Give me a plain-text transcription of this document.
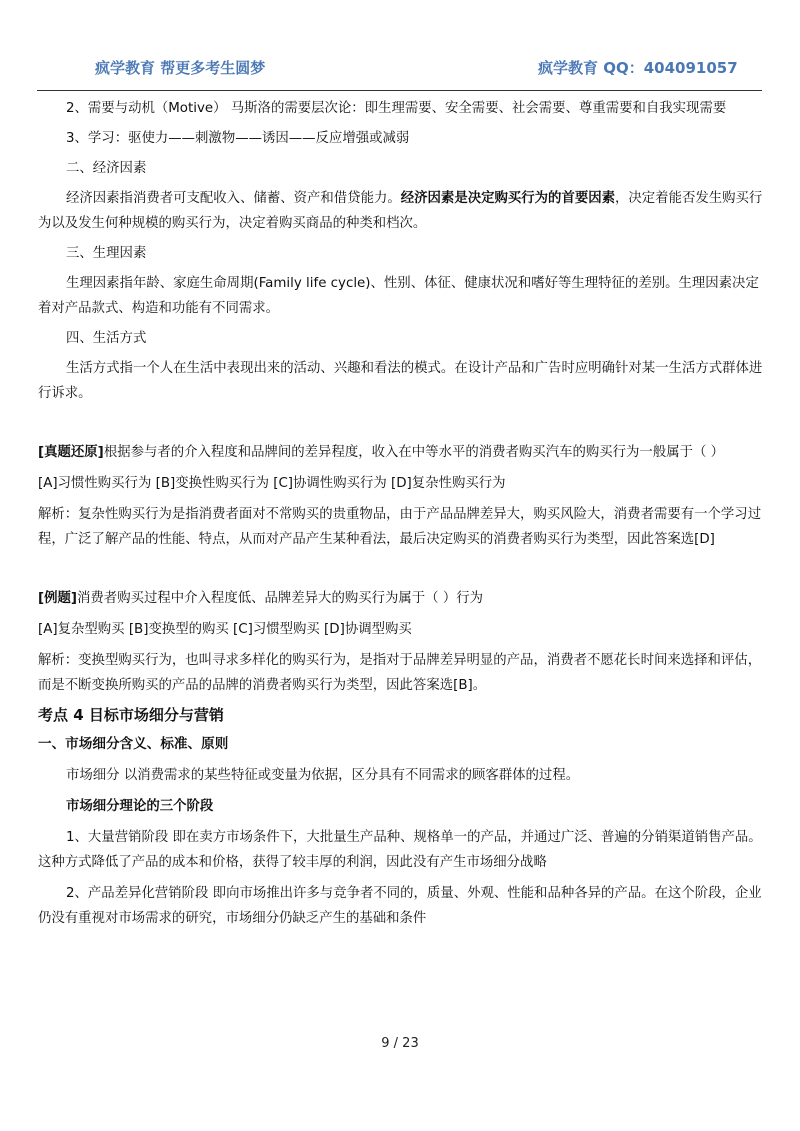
疯学教育 帮更多考生圆梦	疯学教育 QQ：404091057

2、需要与动机（Motive） 马斯洛的需要层次论：即生理需要、安全需要、社会需要、尊重需要和自我实现需要

3、学习：驱使力——刺激物——诱因——反应增强或减弱

二、经济因素

经济因素指消费者可支配收入、储蓄、资产和借贷能力。经济因素是决定购买行为的首要因素，决定着能否发生购买行为以及发生何种规模的购买行为，决定着购买商品的种类和档次。

三、生理因素

生理因素指年龄、家庭生命周期(Family life cycle)、性别、体征、健康状况和嗜好等生理特征的差别。生理因素决定着对产品款式、构造和功能有不同需求。

四、生活方式

生活方式指一个人在生活中表现出来的活动、兴趣和看法的模式。在设计产品和广告时应明确针对某一生活方式群体进行诉求。

[真题还原]根据参与者的介入程度和品牌间的差异程度，收入在中等水平的消费者购买汽车的购买行为一般属于（ ）

[A]习惯性购买行为 [B]变换性购买行为 [C]协调性购买行为 [D]复杂性购买行为

解析：复杂性购买行为是指消费者面对不常购买的贵重物品，由于产品品牌差异大，购买风险大，消费者需要有一个学习过程，广泛了解产品的性能、特点，从而对产品产生某种看法，最后决定购买的消费者购买行为类型，因此答案选[D]

[例题]消费者购买过程中介入程度低、品牌差异大的购买行为属于（ ）行为

[A]复杂型购买 [B]变换型的购买 [C]习惯型购买 [D]协调型购买

解析：变换型购买行为，也叫寻求多样化的购买行为，是指对于品牌差异明显的产品，消费者不愿花长时间来选择和评估，而是不断变换所购买的产品的品牌的消费者购买行为类型，因此答案选[B]。

考点 4 目标市场细分与营销

一、市场细分含义、标准、原则

市场细分 以消费需求的某些特征或变量为依据，区分具有不同需求的顾客群体的过程。

市场细分理论的三个阶段

1、大量营销阶段 即在卖方市场条件下，大批量生产品种、规格单一的产品，并通过广泛、普遍的分销渠道销售产品。这种方式降低了产品的成本和价格，获得了较丰厚的利润，因此没有产生市场细分战略

2、产品差异化营销阶段 即向市场推出许多与竞争者不同的，质量、外观、性能和品种各异的产品。在这个阶段，企业仍没有重视对市场需求的研究，市场细分仍缺乏产生的基础和条件

9 / 23
